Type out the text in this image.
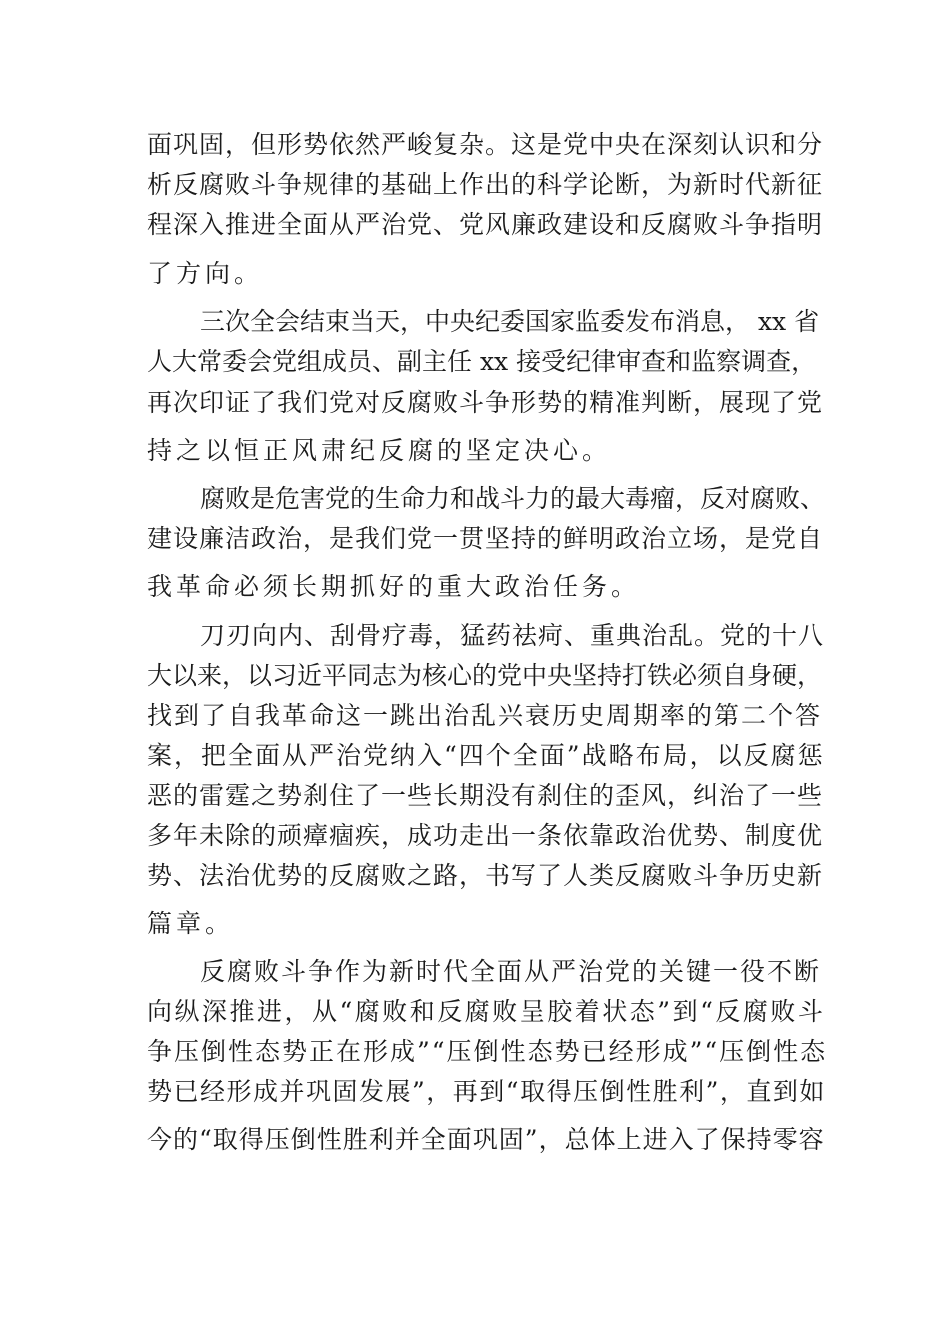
面巩固，但形势依然严峻复杂。这是党中央在深刻认识和分

析反腐败斗争规律的基础上作出的科学论断，为新时代新征

程深入推进全面从严治党、党风廉政建设和反腐败斗争指明

了方向。

三次全会结束当天，中央纪委国家监委发布消息， xx 省

人大常委会党组成员、副主任 xx 接受纪律审查和监察调查，

再次印证了我们党对反腐败斗争形势的精准判断，展现了党

持之以恒正风肃纪反腐的坚定决心。

腐败是危害党的生命力和战斗力的最大毒瘤，反对腐败、

建设廉洁政治，是我们党一贯坚持的鲜明政治立场，是党自

我革命必须长期抓好的重大政治任务。

刀刃向内、刮骨疗毒，猛药祛疴、重典治乱。党的十八

大以来，以习近平同志为核心的党中央坚持打铁必须自身硬，

找到了自我革命这一跳出治乱兴衰历史周期率的第二个答

案，把全面从严治党纳入“四个全面”战略布局，以反腐惩

恶的雷霆之势刹住了一些长期没有刹住的歪风，纠治了一些

多年未除的顽瘴痼疾，成功走出一条依靠政治优势、制度优

势、法治优势的反腐败之路，书写了人类反腐败斗争历史新

篇章。

反腐败斗争作为新时代全面从严治党的关键一役不断

向纵深推进，从“腐败和反腐败呈胶着状态”到“反腐败斗

争压倒性态势正在形成”“压倒性态势已经形成”“压倒性态

势已经形成并巩固发展”，再到“取得压倒性胜利”，直到如

今的“取得压倒性胜利并全面巩固”，总体上进入了保持零容
